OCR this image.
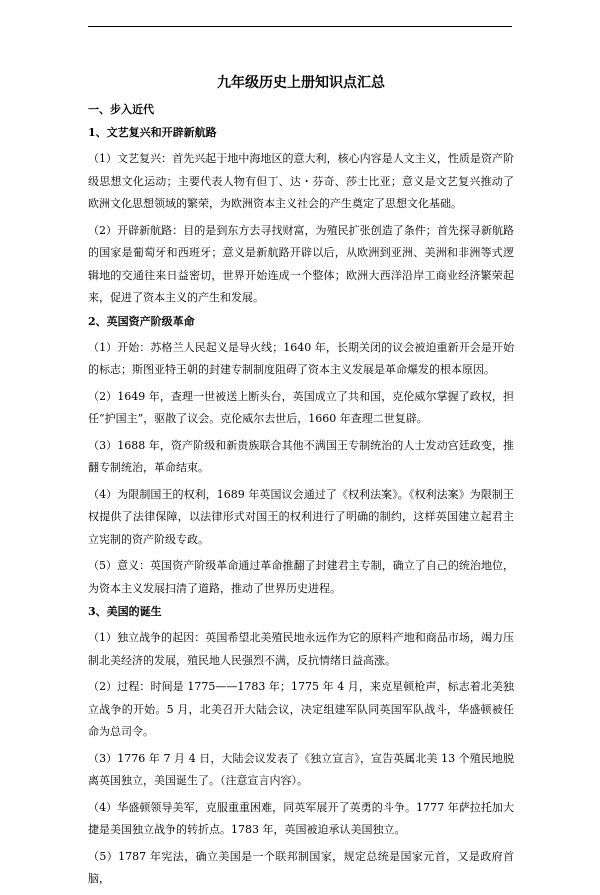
九年级历史上册知识点汇总
一、步入近代
1、文艺复兴和开辟新航路

（1）文艺复兴：首先兴起于地中海地区的意大利，核心内容是人文主义，性质是资产阶级思想文化运动；主要代表人物有但丁、达・芬奇、莎士比亚；意义是文艺复兴推动了欧洲文化思想领域的繁荣，为欧洲资本主义社会的产生奠定了思想文化基础。

（2）开辟新航路：目的是到东方去寻找财富，为殖民扩张创造了条件；首先探寻新航路的国家是葡萄牙和西班牙；意义是新航路开辟以后，从欧洲到亚洲、美洲和非洲等式逻辑地的交通往来日益密切，世界开始连成一个整体；欧洲大西洋沿岸工商业经济繁荣起来，促进了资本主义的产生和发展。

2、英国资产阶级革命

（1）开始：苏格兰人民起义是导火线；1640 年，长期关闭的议会被迫重新开会是开始的标志；斯图亚特王朝的封建专制制度阻碍了资本主义发展是革命爆发的根本原因。

（2）1649 年，查理一世被送上断头台，英国成立了共和国，克伦威尔掌握了政权，担任“护国主”，驱散了议会。克伦威尔去世后，1660 年查理二世复辟。

（3）1688 年，资产阶级和新贵族联合其他不满国王专制统治的人士发动宫廷政变，推翻专制统治，革命结束。

（4）为限制国王的权利，1689 年英国议会通过了《权利法案》。《权利法案》为限制王权提供了法律保障，以法律形式对国王的权利进行了明确的制约，这样英国建立起君主立宪制的资产阶级专政。

（5）意义：英国资产阶级革命通过革命推翻了封建君主专制，确立了自己的统治地位，为资本主义发展扫清了道路，推动了世界历史进程。

3、美国的诞生

（1）独立战争的起因：英国希望北美殖民地永远作为它的原料产地和商品市场，竭力压制北美经济的发展，殖民地人民强烈不满，反抗情绪日益高涨。

（2）过程：时间是 1775——1783 年；1775 年 4 月，来克星顿枪声，标志着北美独立战争的开始。5 月，北美召开大陆会议，决定组建军队同英国军队战斗，华盛顿被任命为总司令。

（3）1776 年 7 月 4 日，大陆会议发表了《独立宣言》，宣告英属北美 13 个殖民地脱离英国独立，美国诞生了。（注意宣言内容）。

（4）华盛顿领导美军，克服重重困难，同英军展开了英勇的斗争。1777 年萨拉托加大捷是美国独立战争的转折点。1783 年，英国被迫承认美国独立。

（5）1787 年宪法，确立美国是一个联邦制国家，规定总统是国家元首，又是政府首脑，
